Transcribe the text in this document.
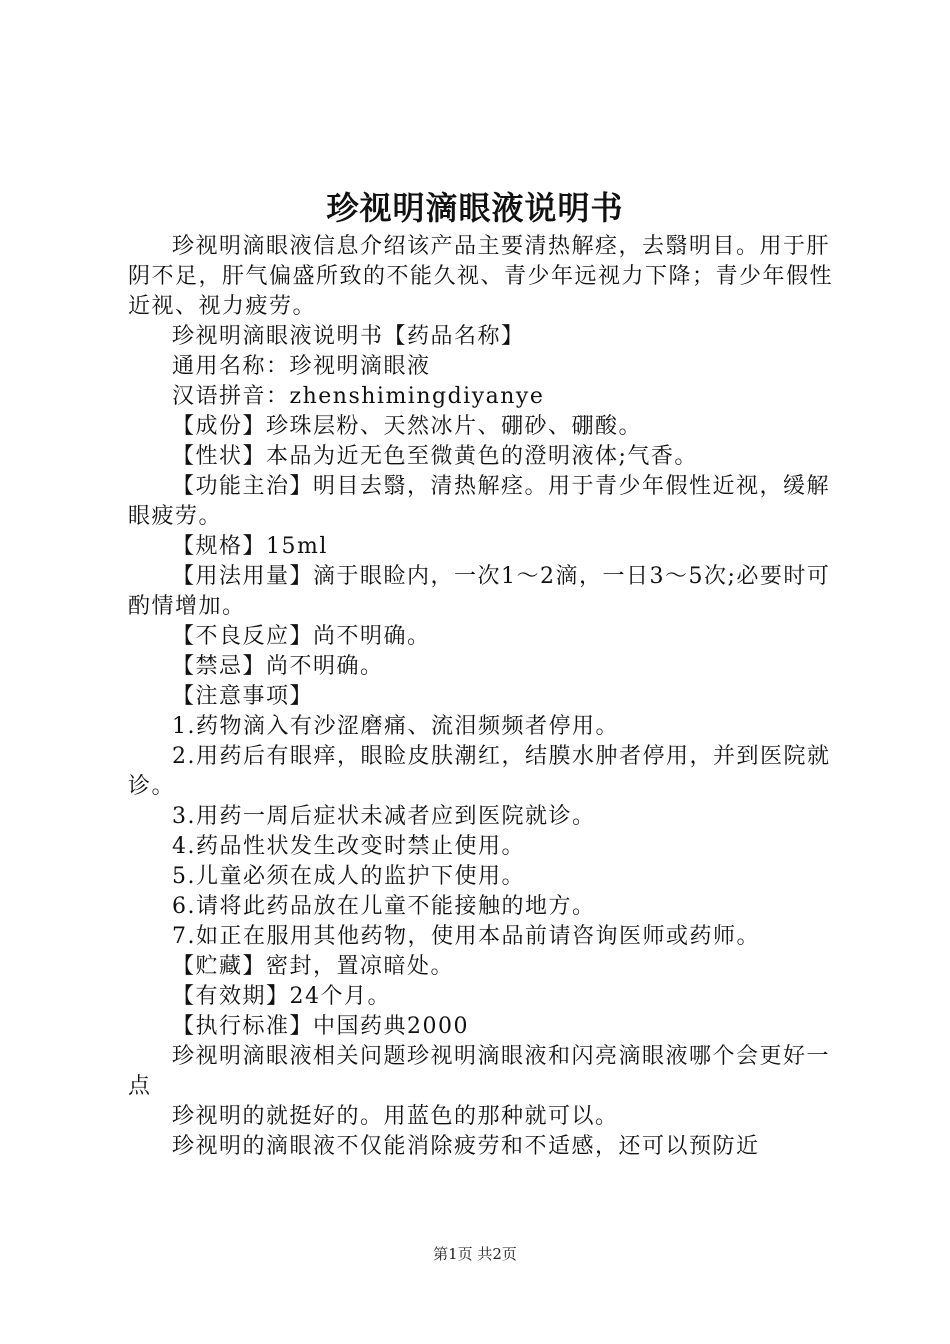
珍视明滴眼液说明书

珍视明滴眼液信息介绍该产品主要清热解痉，去翳明目。用于肝阴不足，肝气偏盛所致的不能久视、青少年远视力下降；青少年假性近视、视力疲劳。

珍视明滴眼液说明书【药品名称】

通用名称：珍视明滴眼液

汉语拼音：zhenshimingdiyanye

【成份】珍珠层粉、天然冰片、硼砂、硼酸。

【性状】本品为近无色至微黄色的澄明液体;气香。

【功能主治】明目去翳，清热解痉。用于青少年假性近视，缓解眼疲劳。

【规格】15ml

【用法用量】滴于眼睑内，一次1～2滴，一日3～5次;必要时可酌情增加。

【不良反应】尚不明确。

【禁忌】尚不明确。

【注意事项】

1.药物滴入有沙涩磨痛、流泪频频者停用。

2.用药后有眼痒，眼睑皮肤潮红，结膜水肿者停用，并到医院就诊。

3.用药一周后症状未减者应到医院就诊。

4.药品性状发生改变时禁止使用。

5.儿童必须在成人的监护下使用。

6.请将此药品放在儿童不能接触的地方。

7.如正在服用其他药物，使用本品前请咨询医师或药师。

【贮藏】密封，置凉暗处。

【有效期】24个月。

【执行标准】中国药典2000

珍视明滴眼液相关问题珍视明滴眼液和闪亮滴眼液哪个会更好一点

珍视明的就挺好的。用蓝色的那种就可以。

珍视明的滴眼液不仅能消除疲劳和不适感，还可以预防近

第1页 共2页
